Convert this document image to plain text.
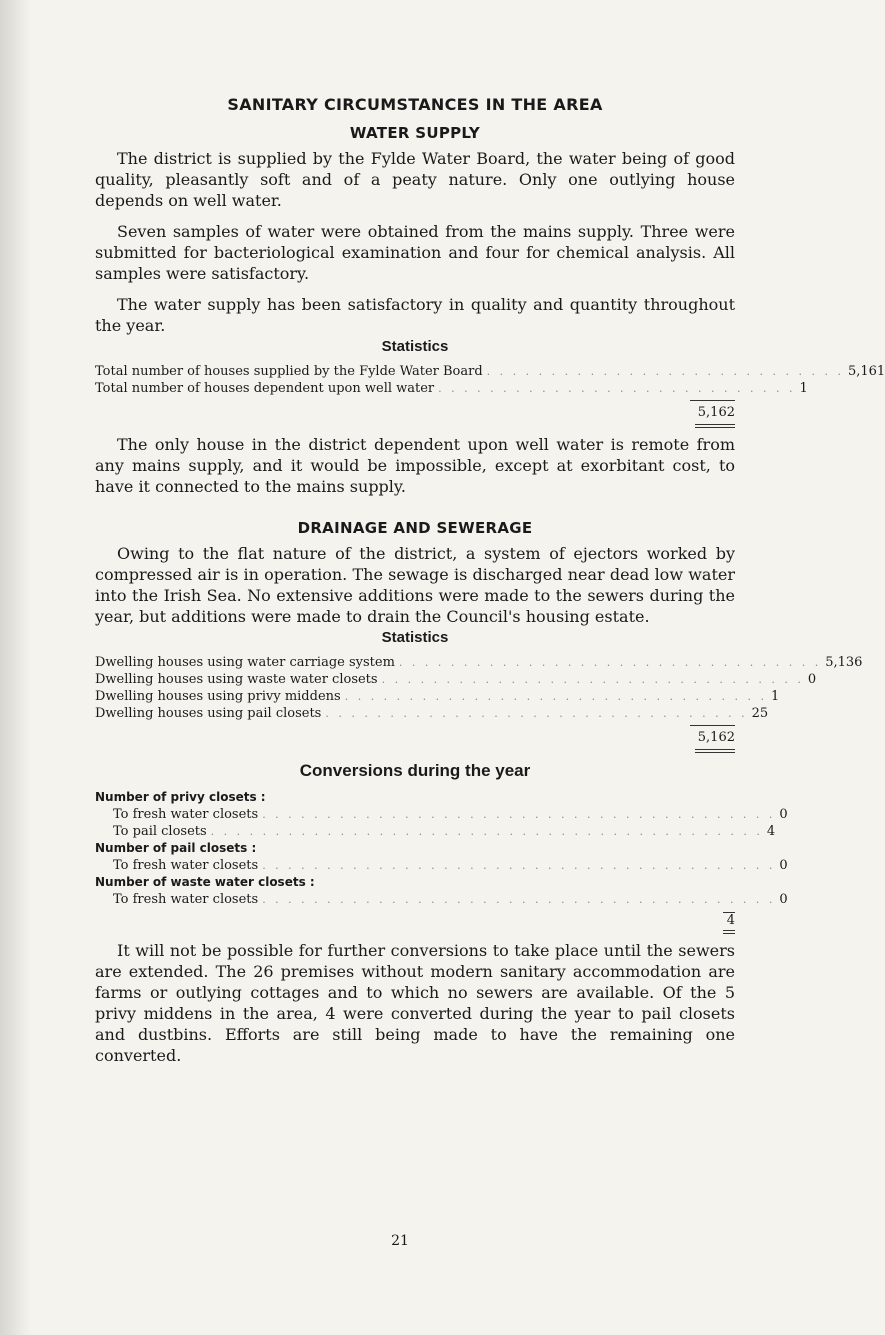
SANITARY CIRCUMSTANCES IN THE AREA
WATER SUPPLY

The district is supplied by the Fylde Water Board, the water being of good quality, pleasantly soft and of a peaty nature. Only one outlying house depends on well water.

Seven samples of water were obtained from the mains supply. Three were submitted for bacteriological examination and four for chemical analysis. All samples were satisfactory.

The water supply has been satisfactory in quality and quantity throughout the year.

Statistics
Total number of houses supplied by the Fylde Water Board . . . . . . . . . . . . . . . . . . . . . . . . . . . . 5,161
Total number of houses dependent upon well water . . . . . . . . . . . . . . . . . . . . . . . . . . . . 1
5,162

The only house in the district dependent upon well water is remote from any mains supply, and it would be impossible, except at exorbitant cost, to have it connected to the mains supply.

DRAINAGE AND SEWERAGE

Owing to the flat nature of the district, a system of ejectors worked by compressed air is in operation. The sewage is discharged near dead low water into the Irish Sea. No extensive additions were made to the sewers during the year, but additions were made to drain the Council's housing estate.

Statistics
Dwelling houses using water carriage system . . . . . . . . . . . . . . . . . . . . . . . . . . . . . . . . . 5,136
Dwelling houses using waste water closets . . . . . . . . . . . . . . . . . . . . . . . . . . . . . . . . . 0
Dwelling houses using privy middens . . . . . . . . . . . . . . . . . . . . . . . . . . . . . . . . . 1
Dwelling houses using pail closets . . . . . . . . . . . . . . . . . . . . . . . . . . . . . . . . . 25
5,162
Conversions during the year
Number of privy closets :
To fresh water closets . . . . . . . . . . . . . . . . . . . . . . . . . . . . . . . . . . . . . . . . 0
To pail closets . . . . . . . . . . . . . . . . . . . . . . . . . . . . . . . . . . . . . . . . . . . 4
Number of pail closets :
To fresh water closets . . . . . . . . . . . . . . . . . . . . . . . . . . . . . . . . . . . . . . . . 0
Number of waste water closets :
To fresh water closets . . . . . . . . . . . . . . . . . . . . . . . . . . . . . . . . . . . . . . . . 0
4

It will not be possible for further conversions to take place until the sewers are extended. The 26 premises without modern sanitary accommodation are farms or outlying cottages and to which no sewers are available. Of the 5 privy middens in the area, 4 were converted during the year to pail closets and dustbins. Efforts are still being made to have the remaining one converted.

21
